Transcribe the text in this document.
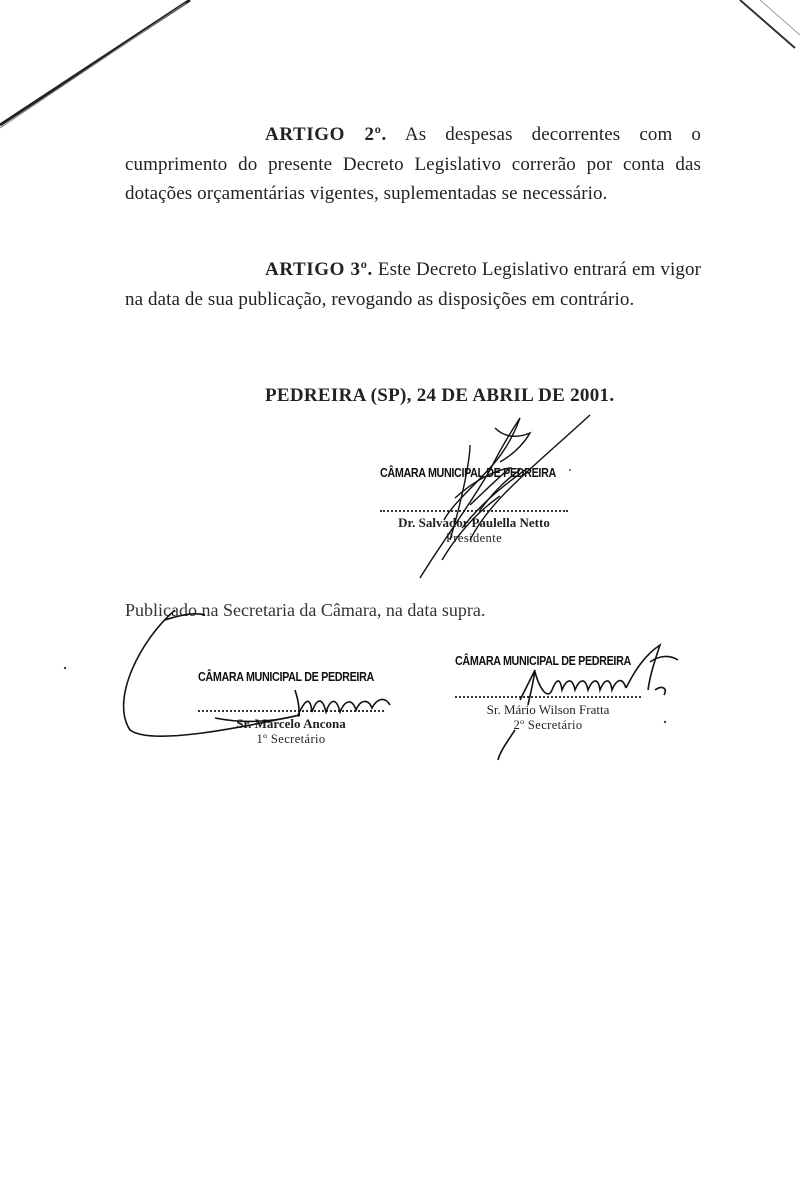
ARTIGO 2º. As despesas decorrentes com o cumprimento do presente Decreto Legislativo correrão por conta das dotações orçamentárias vigentes, suplementadas se necessário.
ARTIGO 3º. Este Decreto Legislativo entrará em vigor na data de sua publicação, revogando as disposições em contrário.
PEDREIRA (SP), 24 DE ABRIL DE 2001.
CÂMARA MUNICIPAL DE PEDREIRA
Dr. Salvador Paulella Netto
Presidente
Publicado na Secretaria da Câmara, na data supra.
CÂMARA MUNICIPAL DE PEDREIRA
Sr. Marcelo Ancona
1º Secretário
CÂMARA MUNICIPAL DE PEDREIRA
Sr. Mário Wilson Fratta
2º Secretário
